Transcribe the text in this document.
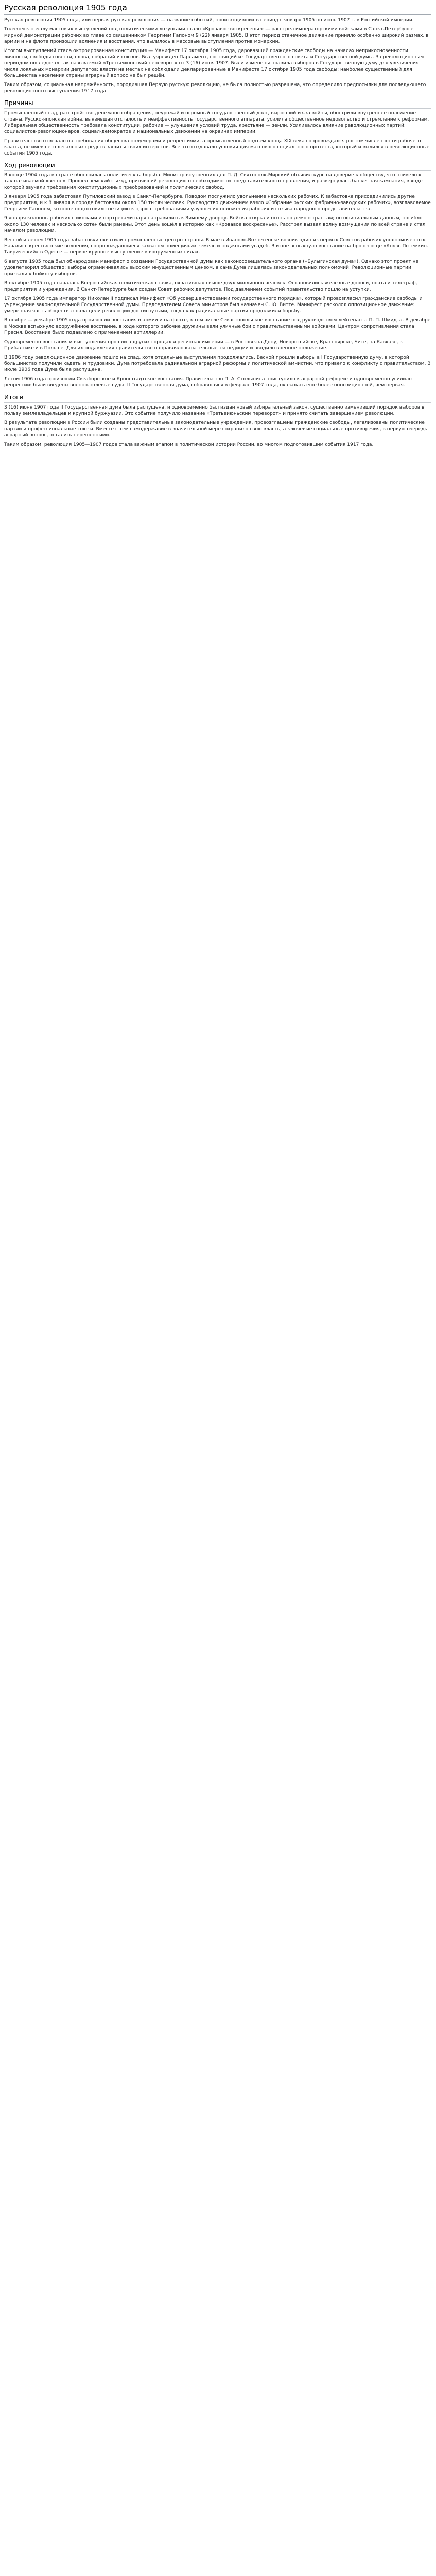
Русская революция 1905 года

Русская революция 1905 года, или первая русская революция — название событий, происходивших в период с января 1905 по июнь 1907 г. в Российской империи.

Толчком к началу массовых выступлений под политическими лозунгами стало «Кровавое воскресенье» — расстрел императорскими войсками в Санкт-Петербурге мирной демонстрации рабочих во главе со священником Георгием Гапоном 9 (22) января 1905. В этот период стачечное движение приняло особенно широкий размах, в армии и на флоте произошли волнения и восстания, что вылилось в массовые выступления против монархии.

Итогом выступлений стала октроированная конституция — Манифест 17 октября 1905 года, даровавший гражданские свободы на началах неприкосновенности личности, свободы совести, слова, собраний и союзов. Был учреждён Парламент, состоящий из Государственного совета и Государственной думы. За революционным периодом последовал так называемый «Третьеиюньский переворот» от 3 (16) июня 1907. Были изменены правила выборов в Государственную думу для увеличения числа лояльных монархии депутатов; власти на местах не соблюдали декларированные в Манифесте 17 октября 1905 года свободы; наиболее существенный для большинства населения страны аграрный вопрос не был решён.

Таким образом, социальная напряжённость, породившая Первую русскую революцию, не была полностью разрешена, что определило предпосылки для последующего революционного выступления 1917 года.

Причины

Промышленный спад, расстройство денежного обращения, неурожай и огромный государственный долг, выросший из-за войны, обострили внутреннее положение страны. Русско-японская война, выявившая отсталость и неэффективность государственного аппарата, усилила общественное недовольство и стремление к реформам. Либеральная общественность требовала конституции, рабочие — улучшения условий труда, крестьяне — земли. Усиливалось влияние революционных партий: социалистов-революционеров, социал-демократов и национальных движений на окраинах империи.

Правительство отвечало на требования общества полумерами и репрессиями, а промышленный подъём конца XIX века сопровождался ростом численности рабочего класса, не имевшего легальных средств защиты своих интересов. Всё это создавало условия для массового социального протеста, который и вылился в революционные события 1905 года.

Ход революции

В конце 1904 года в стране обострилась политическая борьба. Министр внутренних дел П. Д. Святополк-Мирский объявил курс на доверие к обществу, что привело к так называемой «весне». Прошёл земский съезд, принявший резолюцию о необходимости представительного правления, и развернулась банкетная кампания, в ходе которой звучали требования конституционных преобразований и политических свобод.

3 января 1905 года забастовал Путиловский завод в Санкт-Петербурге. Поводом послужило увольнение нескольких рабочих. К забастовке присоединились другие предприятия, и к 8 января в городе бастовали около 150 тысяч человек. Руководство движением взяло «Собрание русских фабрично-заводских рабочих», возглавляемое Георгием Гапоном, которое подготовило петицию к царю с требованиями улучшения положения рабочих и созыва народного представительства.

9 января колонны рабочих с иконами и портретами царя направились к Зимнему дворцу. Войска открыли огонь по демонстрантам; по официальным данным, погибло около 130 человек и несколько сотен были ранены. Этот день вошёл в историю как «Кровавое воскресенье». Расстрел вызвал волну возмущения по всей стране и стал началом революции.

Весной и летом 1905 года забастовки охватили промышленные центры страны. В мае в Иваново-Вознесенске возник один из первых Советов рабочих уполномоченных. Начались крестьянские волнения, сопровождавшиеся захватом помещичьих земель и поджогами усадеб. В июне вспыхнуло восстание на броненосце «Князь Потёмкин-Таврический» в Одессе — первое крупное выступление в вооружённых силах.

6 августа 1905 года был обнародован манифест о создании Государственной думы как законосовещательного органа («Булыгинская дума»). Однако этот проект не удовлетворил общество: выборы ограничивались высоким имущественным цензом, а сама Дума лишалась законодательных полномочий. Революционные партии призвали к бойкоту выборов.

В октябре 1905 года началась Всероссийская политическая стачка, охватившая свыше двух миллионов человек. Остановились железные дороги, почта и телеграф, предприятия и учреждения. В Санкт-Петербурге был создан Совет рабочих депутатов. Под давлением событий правительство пошло на уступки.

17 октября 1905 года император Николай II подписал Манифест «Об усовершенствовании государственного порядка», который провозгласил гражданские свободы и учреждение законодательной Государственной думы. Председателем Совета министров был назначен С. Ю. Витте. Манифест расколол оппозиционное движение: умеренная часть общества сочла цели революции достигнутыми, тогда как радикальные партии продолжили борьбу.

В ноябре — декабре 1905 года произошли восстания в армии и на флоте, в том числе Севастопольское восстание под руководством лейтенанта П. П. Шмидта. В декабре в Москве вспыхнуло вооружённое восстание, в ходе которого рабочие дружины вели уличные бои с правительственными войсками. Центром сопротивления стала Пресня. Восстание было подавлено с применением артиллерии.

Одновременно восстания и выступления прошли в других городах и регионах империи — в Ростове-на-Дону, Новороссийске, Красноярске, Чите, на Кавказе, в Прибалтике и в Польше. Для их подавления правительство направляло карательные экспедиции и вводило военное положение.

В 1906 году революционное движение пошло на спад, хотя отдельные выступления продолжались. Весной прошли выборы в I Государственную думу, в которой большинство получили кадеты и трудовики. Дума потребовала радикальной аграрной реформы и политической амнистии, что привело к конфликту с правительством. В июле 1906 года Дума была распущена.

Летом 1906 года произошли Свеаборгское и Кронштадтское восстания. Правительство П. А. Столыпина приступило к аграрной реформе и одновременно усилило репрессии: были введены военно-полевые суды. II Государственная дума, собравшаяся в феврале 1907 года, оказалась ещё более оппозиционной, чем первая.

Итоги

3 (16) июня 1907 года II Государственная дума была распущена, и одновременно был издан новый избирательный закон, существенно изменивший порядок выборов в пользу землевладельцев и крупной буржуазии. Это событие получило название «Третьеиюньский переворот» и принято считать завершением революции.

В результате революции в России были созданы представительные законодательные учреждения, провозглашены гражданские свободы, легализованы политические партии и профессиональные союзы. Вместе с тем самодержавие в значительной мере сохранило свою власть, а ключевые социальные противоречия, в первую очередь аграрный вопрос, остались нерешёнными.

Таким образом, революция 1905—1907 годов стала важным этапом в политической истории России, во многом подготовившим события 1917 года.
